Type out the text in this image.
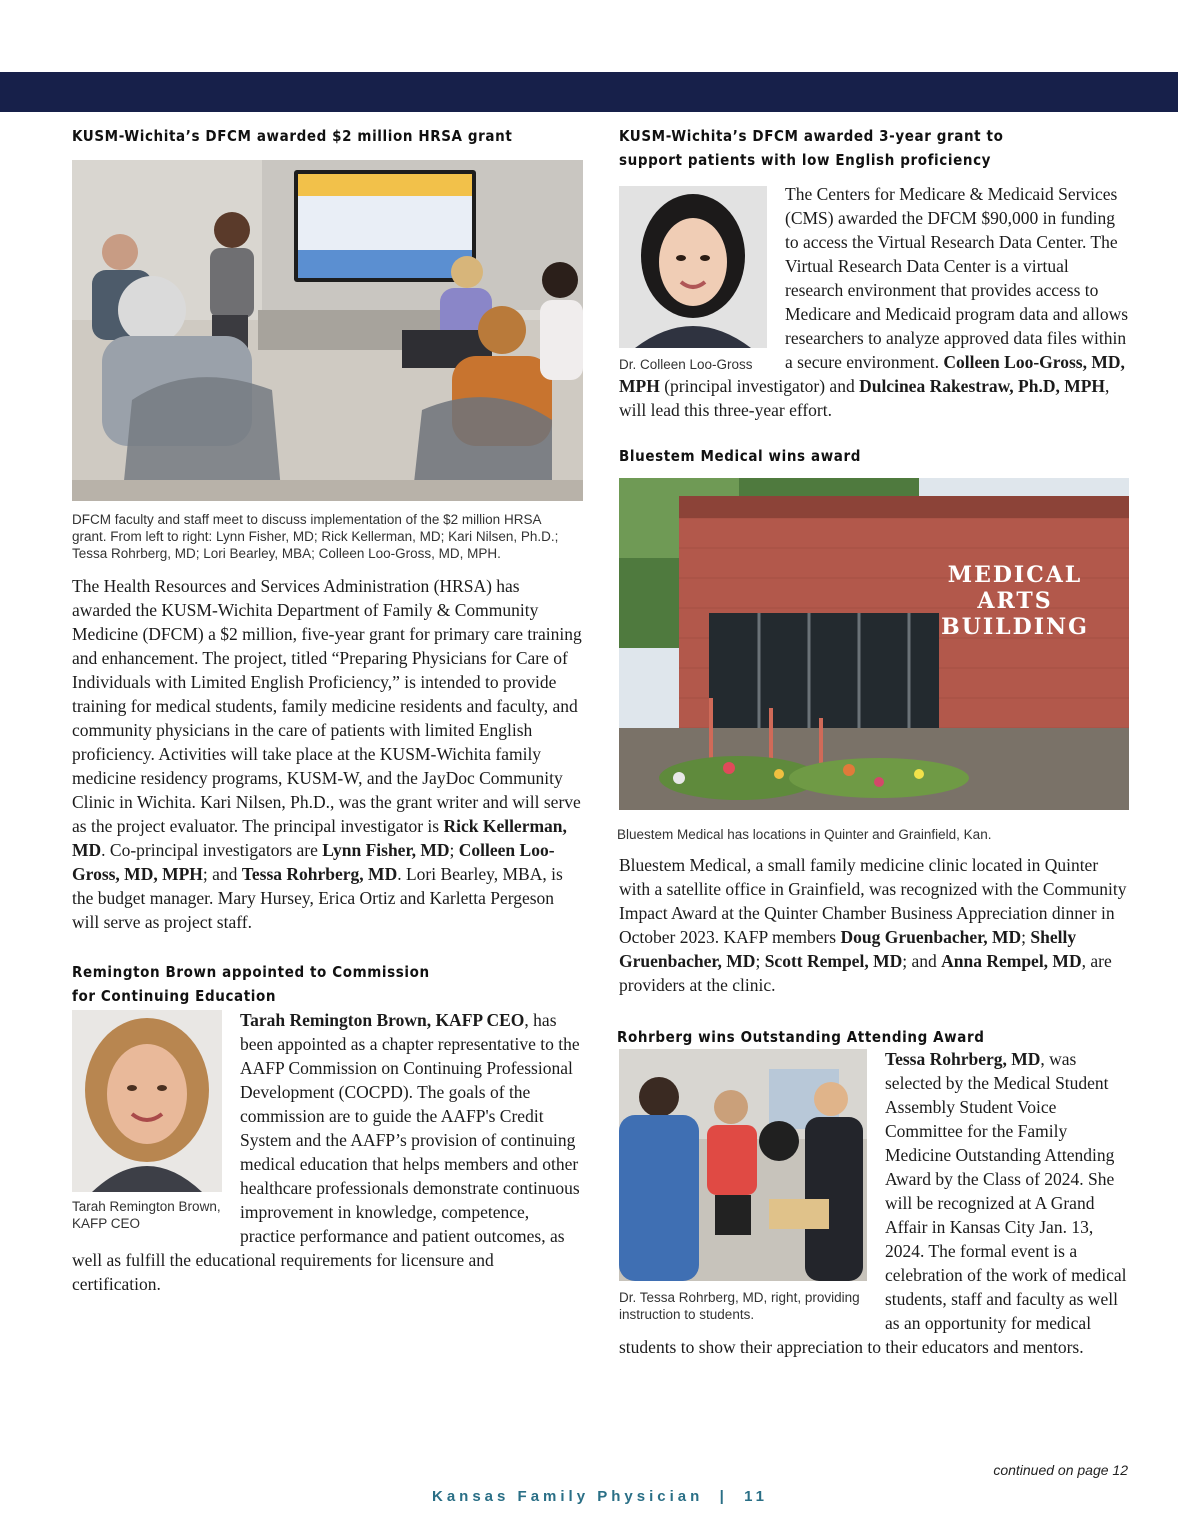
KUSM-Wichita’s DFCM awarded $2 million HRSA grant

DFCM faculty and staff meet to discuss implementation of the $2 million HRSA grant. From left to right: Lynn Fisher, MD; Rick Kellerman, MD; Kari Nilsen, Ph.D.; Tessa Rohrberg, MD; Lori Bearley, MBA; Colleen Loo-Gross, MD, MPH.

The Health Resources and Services Administration (HRSA) has awarded the KUSM-Wichita Department of Family & Community Medicine (DFCM) a $2 million, five-year grant for primary care training and enhancement. The project, titled “Preparing Physicians for Care of Individuals with Limited English Proficiency,” is intended to provide training for medical students, family medicine residents and faculty, and community physicians in the care of patients with limited English proficiency. Activities will take place at the KUSM-Wichita family medicine residency programs, KUSM-W, and the JayDoc Community Clinic in Wichita. Kari Nilsen, Ph.D., was the grant writer and will serve as the project evaluator. The principal investigator is Rick Kellerman, MD. Co-principal investigators are Lynn Fisher, MD; Colleen Loo-Gross, MD, MPH; and Tessa Rohrberg, MD. Lori Bearley, MBA, is the budget manager. Mary Hursey, Erica Ortiz and Karletta Pergeson will serve as project staff.

Remington Brown appointed to Commission for Continuing Education

Tarah Remington Brown, KAFP CEO

Tarah Remington Brown, KAFP CEO, has been appointed as a chapter representative to the AAFP Commission on Continuing Professional Development (COCPD). The goals of the commission are to guide the AAFP's Credit System and the AAFP’s provision of continuing medical education that helps members and other healthcare professionals demonstrate continuous improvement in knowledge, competence, practice performance and patient outcomes, as well as fulfill the educational requirements for licensure and certification.

KUSM-Wichita’s DFCM awarded 3-year grant to support patients with low English proficiency

Dr. Colleen Loo-Gross

The Centers for Medicare & Medicaid Services (CMS) awarded the DFCM $90,000 in funding to access the Virtual Research Data Center. The Virtual Research Data Center is a virtual research environment that provides access to Medicare and Medicaid program data and allows researchers to analyze approved data files within a secure environment. Colleen Loo-Gross, MD, MPH (principal investigator) and Dulcinea Rakestraw, Ph.D, MPH, will lead this three-year effort.

Bluestem Medical wins award
MEDICAL
ARTS
BUILDING

Bluestem Medical has locations in Quinter and Grainfield, Kan.

Bluestem Medical, a small family medicine clinic located in Quinter with a satellite office in Grainfield, was recognized with the Community Impact Award at the Quinter Chamber Business Appreciation dinner in October 2023. KAFP members Doug Gruenbacher, MD; Shelly Gruenbacher, MD; Scott Rempel, MD; and Anna Rempel, MD, are providers at the clinic.

Rohrberg wins Outstanding Attending Award

Dr. Tessa Rohrberg, MD, right, providing instruction to students.

Tessa Rohrberg, MD, was selected by the Medical Student Assembly Student Voice Committee for the Family Medicine Outstanding Attending Award by the Class of 2024. She will be recognized at A Grand Affair in Kansas City Jan. 13, 2024. The formal event is a celebration of the work of medical students, staff and faculty as well as an opportunity for medical students to show their appreciation to their educators and mentors.

continued on page 12
Kansas Family Physician  |  11
